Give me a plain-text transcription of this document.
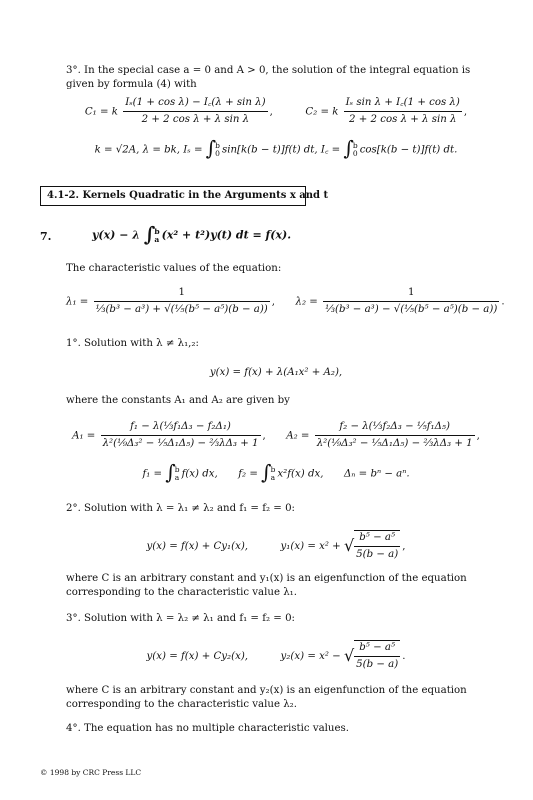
3°. In the special case a = 0 and A > 0, the solution of the integral equation is given by formula (4) with
C₁ = k $\frac{\text{Iₛ(1 + cos λ) − I꜀(λ + sin λ)}}{\text{2 + 2 cos λ + λ sin λ}}$ ,	C₂ = k $\frac{\text{Iₛ sin λ + I꜀(1 + cos λ)}}{\text{2 + 2 cos λ + λ sin λ}}$ ,
k = √2A, λ = bk, Iₛ = ∫ b
0 sin[k(b − t)]f(t) dt, I꜀ = ∫ b
0 cos[k(b − t)]f(t) dt.
4.1-2. Kernels Quadratic in the Arguments x and t
7.	y(x) − λ ∫ b
a (x² + t²)y(t) dt = f(x).
The characteristic values of the equation:
$\lambda_1 = \frac{1}{\text{⅓(b³ − a³) + √(⅕(b⁵ − a⁵)(b − a))}}$ ,  $\lambda_2 = \frac{1}{\text{⅓(b³ − a³) − √(⅕(b⁵ − a⁵)(b − a))}}$ .
1°. Solution with λ ≠ λ₁,₂:
y(x) = f(x) + λ(A₁x² + A₂),
where the constants A₁ and A₂ are given by
$A_1 = \frac{\text{f₁ − λ(⅓f₁Δ₃ − f₂Δ₁)}}{\text{λ²(⅑Δ₃² − ⅕Δ₁Δ₅) − ⅔λΔ₃ + 1}}$ ,  $A_2 = \frac{\text{f₂ − λ(⅓f₂Δ₃ − ⅕f₁Δ₅)}}{\text{λ²(⅑Δ₃² − ⅕Δ₁Δ₅) − ⅔λΔ₃ + 1}}$ ,
f₁ = ∫ b
a f(x) dx, f₂ = ∫ b
a x²f(x) dx, Δₙ = bⁿ − aⁿ.
2°. Solution with λ = λ₁ ≠ λ₂ and f₁ = f₂ = 0:
y(x) = f(x) + Cy₁(x),	y₁(x) = x² + √ $\frac{\text{b⁵ − a⁵}}{5(b - a)}$ ,
where C is an arbitrary constant and y₁(x) is an eigenfunction of the equation corresponding to the characteristic value λ₁.
3°. Solution with λ = λ₂ ≠ λ₁ and f₁ = f₂ = 0:
y(x) = f(x) + Cy₂(x),	y₂(x) = x² − √ $\frac{\text{b⁵ − a⁵}}{5(b - a)}$ .
where C is an arbitrary constant and y₂(x) is an eigenfunction of the equation corresponding to the characteristic value λ₂.
4°. The equation has no multiple characteristic values.
© 1998 by CRC Press LLC
